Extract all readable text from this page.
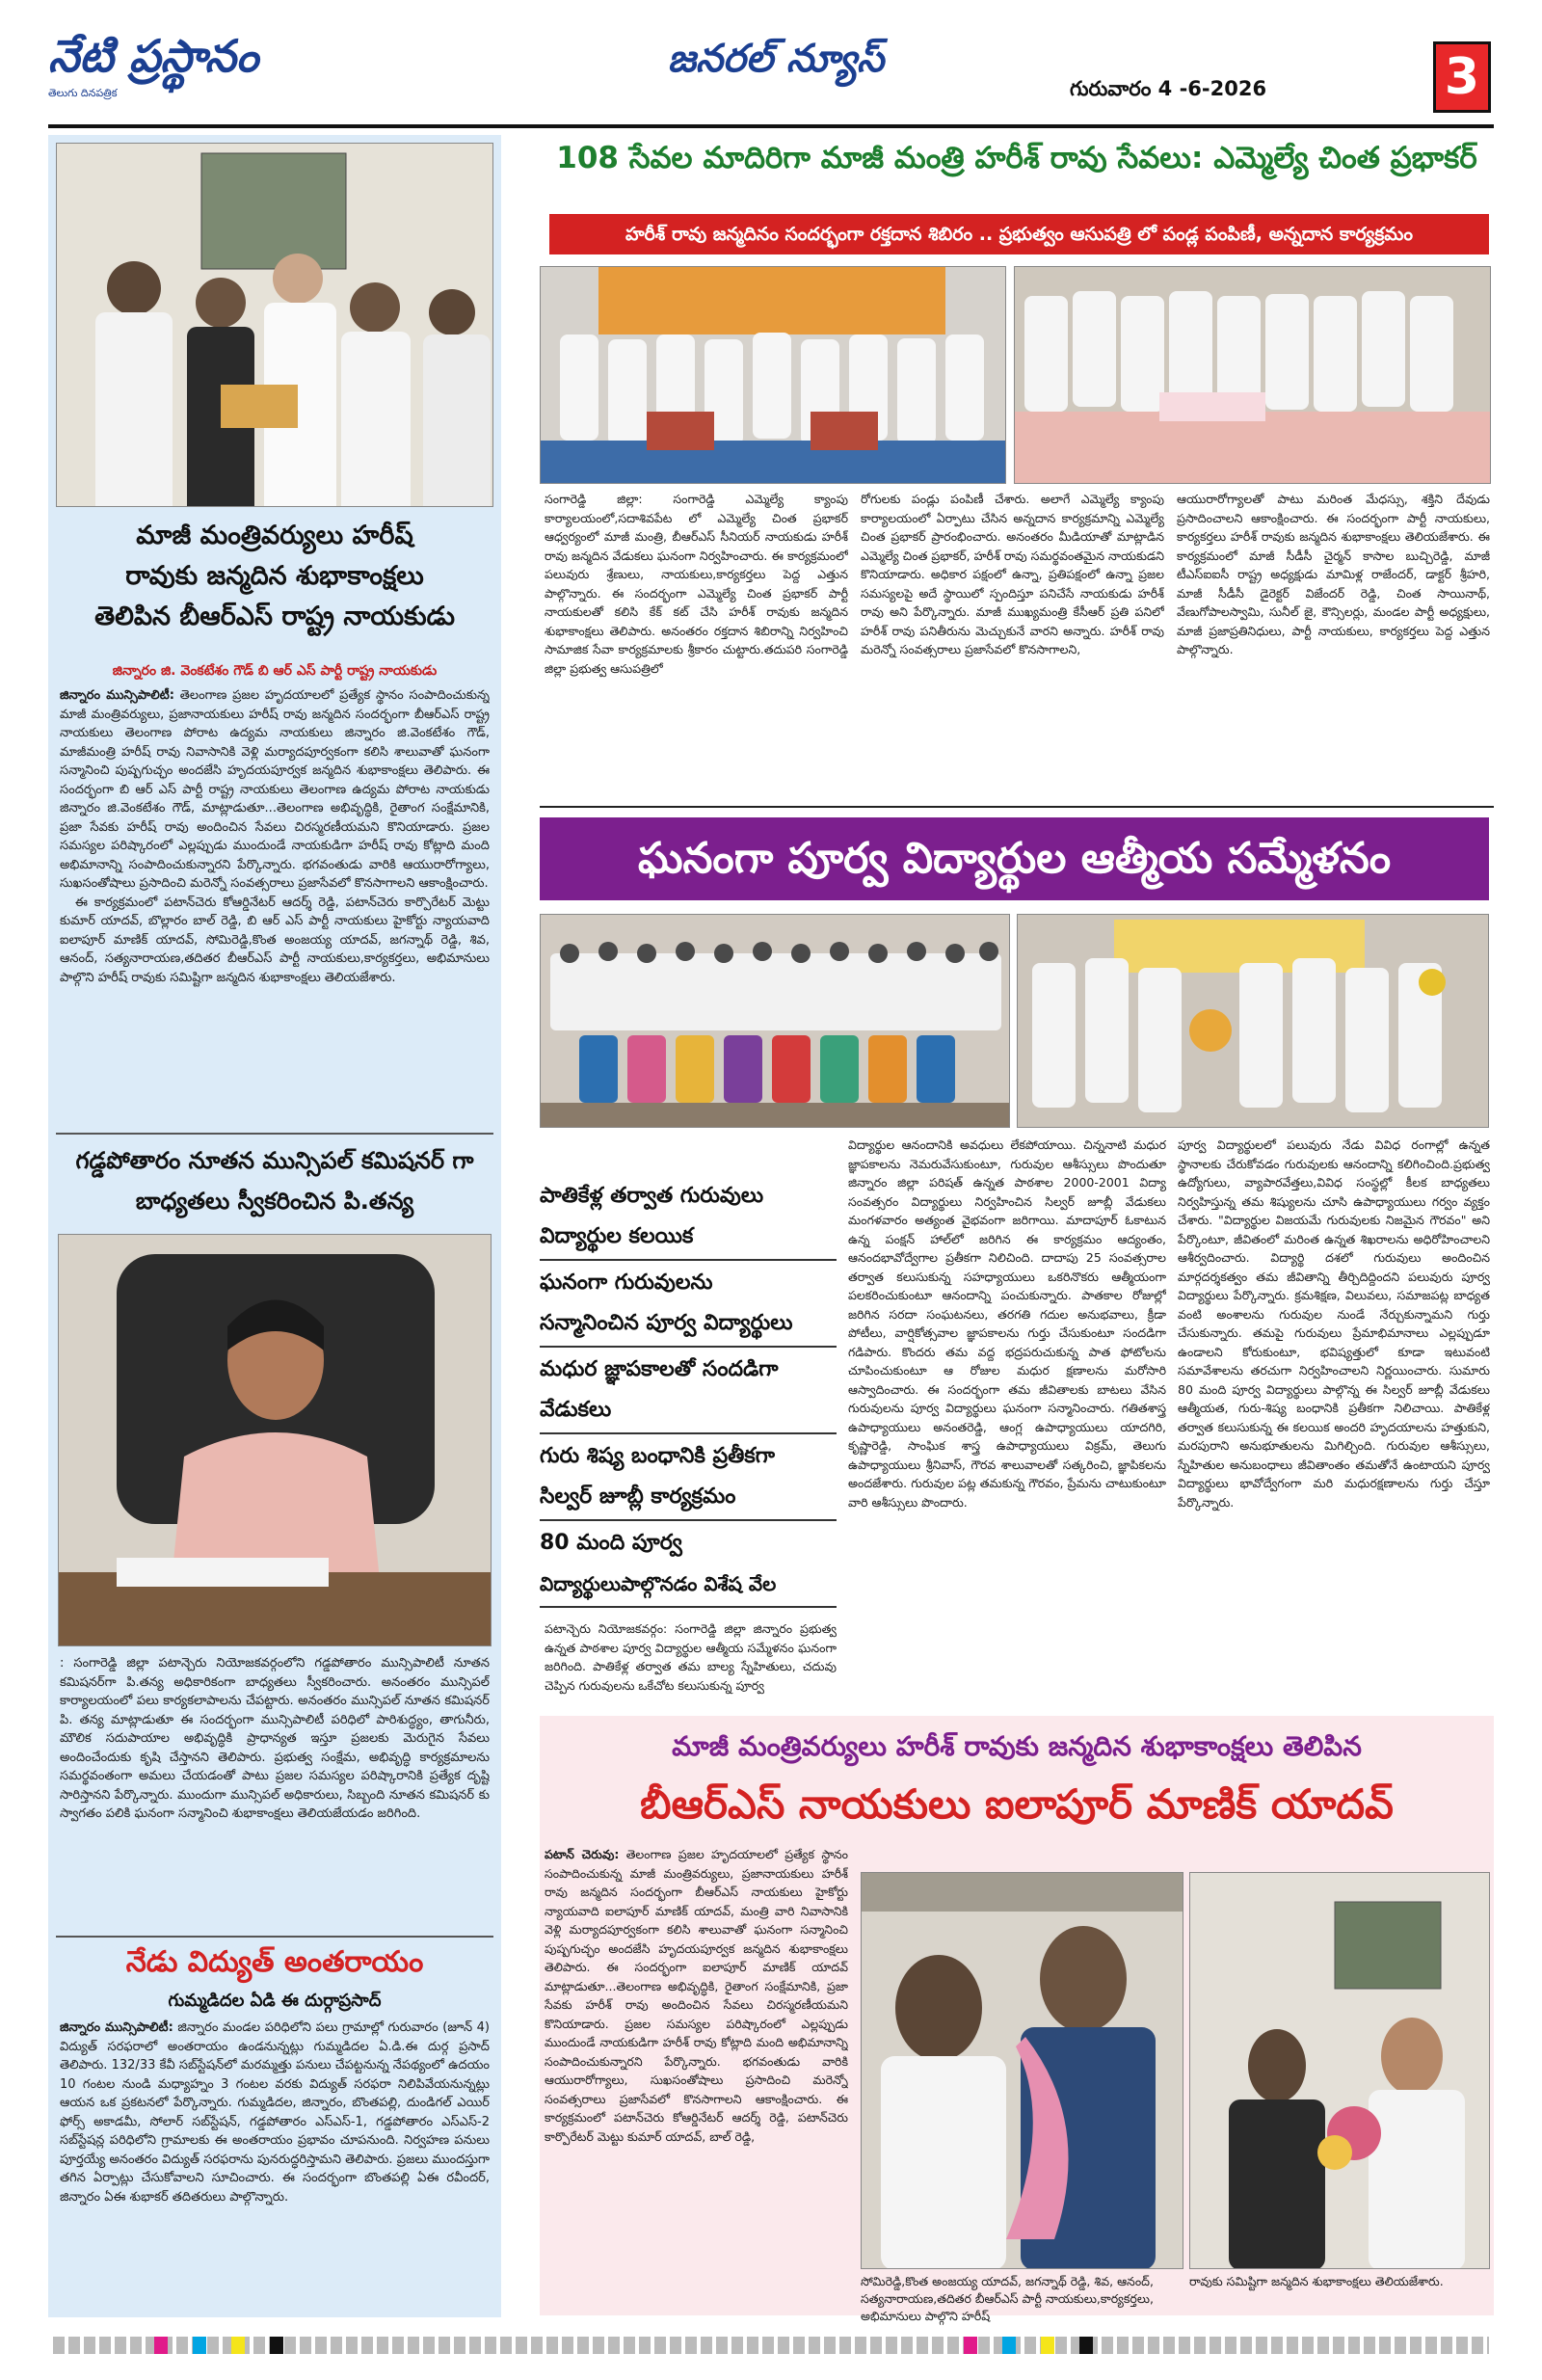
నేటి ప్రస్థానం
తెలుగు దినపత్రిక
జనరల్ న్యూస్
గురువారం 4 -6-2026	3
మాజీ మంత్రివర్యులు హరీష్
రావుకు జన్మదిన శుభాకాంక్షలు
తెలిపిన బీఆర్ఎస్ రాష్ట్ర నాయకుడు
జిన్నారం జి. వెంకటేశం గౌడ్ బి ఆర్ ఎస్ పార్టీ రాష్ట్ర నాయకుడు
జిన్నారం మున్సిపాలిటీ: తెలంగాణ ప్రజల హృదయాలలో ప్రత్యేక స్థానం సంపాదించుకున్న మాజీ మంత్రివర్యులు, ప్రజానాయకులు హరీష్ రావు జన్మదిన సందర్భంగా బీఆర్ఎస్ రాష్ట్ర నాయకులు తెలంగాణ పోరాట ఉద్యమ నాయకులు జిన్నారం జి.వెంకటేశం గౌడ్, మాజీమంత్రి హరీష్ రావు నివాసానికి వెళ్లి మర్యాదపూర్వకంగా కలిసి శాలువాతో ఘనంగా సన్మానించి పుష్పగుచ్ఛం అందజేసి హృదయపూర్వక జన్మదిన శుభాకాంక్షలు తెలిపారు. ఈ సందర్భంగా బి ఆర్ ఎస్ పార్టీ రాష్ట్ర నాయకులు తెలంగాణ ఉద్యమ పోరాట నాయకుడు జిన్నారం జి.వెంకటేశం గౌడ్, మాట్లాడుతూ...తెలంగాణ అభివృద్ధికి, రైతాంగ సంక్షేమానికి, ప్రజా సేవకు హరీష్ రావు అందించిన సేవలు చిరస్మరణీయమని కొనియాడారు. ప్రజల సమస్యల పరిష్కారంలో ఎల్లప్పుడు ముందుండే నాయకుడిగా హరీష్ రావు కోట్లాది మంది అభిమానాన్ని సంపాదించుకున్నారని పేర్కొన్నారు. భగవంతుడు వారికి ఆయురారోగ్యాలు, సుఖసంతోషాలు ప్రసాదించి మరెన్నో సంవత్సరాలు ప్రజాసేవలో కొనసాగాలని ఆకాంక్షించారు.
ఈ కార్యక్రమంలో పటాన్‌చెరు కోఆర్డినేటర్ ఆదర్శ్ రెడ్డి, పటాన్‌చెరు కార్పొరేటర్ మెట్టు కుమార్ యాదవ్, బొల్లారం బాల్ రెడ్డి, బి ఆర్ ఎస్ పార్టీ నాయకులు హైకోర్టు న్యాయవాది ఐలాపూర్ మాణిక్ యాదవ్, సోమిరెడ్డి,కొంత అంజయ్య యాదవ్, జగన్నాథ్ రెడ్డి, శివ, ఆనంద్, సత్యనారాయణ,తదితర బీఆర్ఎస్ పార్టీ నాయకులు,కార్యకర్తలు, అభిమానులు పాల్గొని హరీష్ రావుకు సమిష్టిగా జన్మదిన శుభాకాంక్షలు తెలియజేశారు.
గడ్డపోతారం నూతన మున్సిపల్ కమిషనర్ గా
బాధ్యతలు స్వీకరించిన పి.తన్య
: సంగారెడ్డి జిల్లా పటాన్చెరు నియోజకవర్గంలోని గడ్డపోతారం మున్సిపాలిటీ నూతన కమిషనర్‌గా పి.తన్య అధికారికంగా బాధ్యతలు స్వీకరించారు. అనంతరం మున్సిపల్ కార్యాలయంలో పలు కార్యకలాపాలను చేపట్టారు. అనంతరం మున్సిపల్ నూతన కమిషనర్ పి. తన్య మాట్లాడుతూ ఈ సందర్భంగా మున్సిపాలిటీ పరిధిలో పారిశుద్ధ్యం, తాగునీరు, మౌలిక సదుపాయాల అభివృద్ధికి ప్రాధాన్యత ఇస్తూ ప్రజలకు మెరుగైన సేవలు అందించేందుకు కృషి చేస్తానని తెలిపారు. ప్రభుత్వ సంక్షేమ, అభివృద్ధి కార్యక్రమాలను సమర్థవంతంగా అమలు చేయడంతో పాటు ప్రజల సమస్యల పరిష్కారానికి ప్రత్యేక దృష్టి సారిస్తానని పేర్కొన్నారు. ముందుగా మున్సిపల్ అధికారులు, సిబ్బంది నూతన కమిషనర్ కు స్వాగతం పలికి ఘనంగా సన్మానించి శుభాకాంక్షలు తెలియజేయడం జరిగింది.
నేడు విద్యుత్ అంతరాయం
గుమ్మడిదల ఏడి ఈ దుర్గాప్రసాద్
జిన్నారం మున్సిపాలిటీ: జిన్నారం మండల పరిధిలోని పలు గ్రామాల్లో గురువారం (జూన్ 4) విద్యుత్ సరఫరాలో అంతరాయం ఉండనున్నట్లు గుమ్మడిదల ఏ.డి.ఈ దుర్గ ప్రసాద్ తెలిపారు. 132/33 కేవీ సబ్‌స్టేషన్‌లో మరమ్మత్తు పనులు చేపట్టనున్న నేపథ్యంలో ఉదయం 10 గంటల నుండి మధ్యాహ్నం 3 గంటల వరకు విద్యుత్ సరఫరా నిలిపివేయనున్నట్లు ఆయన ఒక ప్రకటనలో పేర్కొన్నారు. గుమ్మడిదల, జిన్నారం, బొంతపల్లి, దుండిగల్ ఎయిర్ ఫోర్స్ అకాడమీ, సోలార్ సబ్‌స్టేషన్, గడ్డపోతారం ఎస్ఎస్-1, గడ్డపోతారం ఎస్ఎస్-2 సబ్‌స్టేషన్ల పరిధిలోని గ్రామాలకు ఈ అంతరాయం ప్రభావం చూపనుంది. నిర్వహణ పనులు పూర్తయ్యే అనంతరం విద్యుత్ సరఫరాను పునరుద్ధరిస్తామని తెలిపారు. ప్రజలు ముందస్తుగా తగిన ఏర్పాట్లు చేసుకోవాలని సూచించారు. ఈ సందర్భంగా బొంతపల్లి ఏఈ రవీందర్, జిన్నారం ఏఈ శుభాకర్ తదితరులు పాల్గొన్నారు.
108 సేవల మాదిరిగా మాజీ మంత్రి హరీశ్ రావు సేవలు: ఎమ్మెల్యే చింత ప్రభాకర్
హరీశ్ రావు జన్మదినం సందర్భంగా రక్తదాన శిబిరం .. ప్రభుత్వం ఆసుపత్రి లో పండ్ల పంపిణీ, అన్నదాన కార్యక్రమం
సంగారెడ్డి జిల్లా: సంగారెడ్డి ఎమ్మెల్యే క్యాంపు కార్యాలయంలో,సదాశివపేట లో ఎమ్మెల్యే చింత ప్రభాకర్ ఆధ్వర్యంలో మాజీ మంత్రి, బీఆర్ఎస్ సీనియర్ నాయకుడు హరీశ్ రావు జన్మదిన వేడుకలు ఘనంగా నిర్వహించారు. ఈ కార్యక్రమంలో పలువురు శ్రేణులు, నాయకులు,కార్యకర్తలు పెద్ద ఎత్తున పాల్గొన్నారు. ఈ సందర్భంగా ఎమ్మెల్యే చింత ప్రభాకర్ పార్టీ నాయకులతో కలిసి కేక్ కట్ చేసి హరీశ్ రావుకు జన్మదిన శుభాకాంక్షలు తెలిపారు. అనంతరం రక్తదాన శిబిరాన్ని నిర్వహించి సామాజిక సేవా కార్యక్రమాలకు శ్రీకారం చుట్టారు.తదుపరి సంగారెడ్డి జిల్లా ప్రభుత్వ ఆసుపత్రిలో
రోగులకు పండ్లు పంపిణీ చేశారు. అలాగే ఎమ్మెల్యే క్యాంపు కార్యాలయంలో ఏర్పాటు చేసిన అన్నదాన కార్యక్రమాన్ని ఎమ్మెల్యే చింత ప్రభాకర్ ప్రారంభించారు. అనంతరం మీడియాతో మాట్లాడిన ఎమ్మెల్యే చింత ప్రభాకర్, హరీశ్ రావు సమర్థవంతమైన నాయకుడని కొనియాడారు. అధికార పక్షంలో ఉన్నా, ప్రతిపక్షంలో ఉన్నా ప్రజల సమస్యలపై అదే స్థాయిలో స్పందిస్తూ పనిచేసే నాయకుడు హరీశ్ రావు అని పేర్కొన్నారు. మాజీ ముఖ్యమంత్రి కేసీఆర్ ప్రతి పనిలో హరీశ్ రావు పనితీరును మెచ్చుకునే వారని అన్నారు. హరీశ్ రావు మరెన్నో సంవత్సరాలు ప్రజాసేవలో కొనసాగాలని,
ఆయురారోగ్యాలతో పాటు మరింత మేధస్సు, శక్తిని దేవుడు ప్రసాదించాలని ఆకాంక్షించారు. ఈ సందర్భంగా పార్టీ నాయకులు, కార్యకర్తలు హరీశ్ రావుకు జన్మదిన శుభాకాంక్షలు తెలియజేశారు. ఈ కార్యక్రమంలో మాజీ సీడీసీ చైర్మన్ కాసాల బుచ్చిరెడ్డి, మాజీ టీఎస్ఐఐసీ రాష్ట్ర అధ్యక్షుడు మామిళ్ల రాజేందర్, డాక్టర్ శ్రీహరి, మాజీ సీడీసీ డైరెక్టర్ విజేందర్ రెడ్డి, చింత సాయినాథ్, వేణుగోపాలస్వామి, సునీల్ జై, కౌన్సిలర్లు, మండల పార్టీ అధ్యక్షులు, మాజీ ప్రజాప్రతినిధులు, పార్టీ నాయకులు, కార్యకర్తలు పెద్ద ఎత్తున పాల్గొన్నారు.
ఘనంగా పూర్వ విద్యార్థుల ఆత్మీయ సమ్మేళనం
పాతికేళ్ల తర్వాత గురువులు
విద్యార్థుల కలయిక
ఘనంగా గురువులను
సన్మానించిన పూర్వ విద్యార్థులు
మధుర జ్ఞాపకాలతో సందడిగా
వేడుకలు
గురు శిష్య బంధానికి ప్రతీకగా
సిల్వర్ జూబ్లీ కార్యక్రమం
80 మంది పూర్వ
విద్యార్థులుపాల్గొనడం విశేష వేల
పటాన్చెరు నియోజకవర్గం: సంగారెడ్డి జిల్లా జిన్నారం ప్రభుత్వ ఉన్నత పాఠశాల పూర్వ విద్యార్థుల ఆత్మీయ సమ్మేళనం ఘనంగా జరిగింది. పాతికేళ్ల తర్వాత తమ బాల్య స్నేహితులు, చదువు చెప్పిన గురువులను ఒకేచోట కలుసుకున్న పూర్వ
విద్యార్థుల ఆనందానికి అవధులు లేకపోయాయి. చిన్ననాటి మధుర జ్ఞాపకాలను నెమరువేసుకుంటూ, గురువుల ఆశీస్సులు పొందుతూ జిన్నారం జిల్లా పరిషత్ ఉన్నత పాఠశాల 2000-2001 విద్యా సంవత్సరం విద్యార్థులు నిర్వహించిన సిల్వర్ జూబ్లీ వేడుకలు మంగళవారం అత్యంత వైభవంగా జరిగాయి. మాదాపూర్ ఓకాటున ఉన్న పంక్షన్ హాల్‌లో జరిగిన ఈ కార్యక్రమం ఆద్యంతం, ఆనందభావోద్వేగాల ప్రతీకగా నిలిచింది. దాదాపు 25 సంవత్సరాల తర్వాత కలుసుకున్న సహధ్యాయులు ఒకరినొకరు ఆత్మీయంగా పలకరించుకుంటూ ఆనందాన్ని పంచుకున్నారు. పాతకాల రోజుల్లో జరిగిన సరదా సంఘటనలు, తరగతి గదుల అనుభవాలు, క్రీడా పోటీలు, వార్షికోత్సవాల జ్ఞాపకాలను గుర్తు చేసుకుంటూ సందడిగా గడిపారు. కొందరు తమ వద్ద భద్రపరుచుకున్న పాత ఫోటోలను చూపించుకుంటూ ఆ రోజుల మధుర క్షణాలను మరోసారి ఆస్వాదించారు. ఈ సందర్భంగా తమ జీవితాలకు బాటలు వేసిన గురువులను పూర్వ విద్యార్థులు ఘనంగా సన్మానించారు. గతితశాస్త్ర ఉపాధ్యాయులు అనంతరెడ్డి, ఆంగ్ల ఉపాధ్యాయులు యాదగిరి, కృష్ణారెడ్డి, సాంఘిక శాస్త్ర ఉపాధ్యాయులు విక్రమ్, తెలుగు ఉపాధ్యాయులు శ్రీనివాస్, గౌరవ శాలువాలతో సత్కరించి, జ్ఞాపికలను అందజేశారు. గురువుల పట్ల తమకున్న గౌరవం, ప్రేమను చాటుకుంటూ వారి ఆశీస్సులు పొందారు.
పూర్వ విద్యార్థులలో పలువురు నేడు వివిధ రంగాల్లో ఉన్నత స్థానాలకు చేరుకోవడం గురువులకు ఆనందాన్ని కలిగించింది.ప్రభుత్వ ఉద్యోగులు, వ్యాపారవేత్తలు,వివిధ సంస్థల్లో కీలక బాధ్యతలు నిర్వహిస్తున్న తమ శిష్యులను చూసి ఉపాధ్యాయులు గర్వం వ్యక్తం చేశారు. "విద్యార్థుల విజయమే గురువులకు నిజమైన గౌరవం" అని పేర్కొంటూ, జీవితంలో మరింత ఉన్నత శిఖరాలను అధిరోహించాలని ఆశీర్వదించారు. విద్యార్థి దశలో గురువులు అందించిన మార్గదర్శకత్వం తమ జీవితాన్ని తీర్చిదిద్దిందని పలువురు పూర్వ విద్యార్థులు పేర్కొన్నారు. క్రమశిక్షణ, విలువలు, సమాజపట్ల బాధ్యత వంటి అంశాలను గురువుల నుండే నేర్చుకున్నామని గుర్తు చేసుకున్నారు. తమపై గురువులు ప్రేమాభిమానాలు ఎల్లప్పుడూ ఉండాలని కోరుకుంటూ, భవిష్యత్తులో కూడా ఇటువంటి సమావేశాలను తరచుగా నిర్వహించాలని నిర్ణయించారు. సుమారు 80 మంది పూర్వ విద్యార్థులు పాల్గొన్న ఈ సిల్వర్ జూబ్లీ వేడుకలు ఆత్మీయత, గురు-శిష్య బంధానికి ప్రతీకగా నిలిచాయి. పాతికేళ్ల తర్వాత కలుసుకున్న ఈ కలయిక అందరి హృదయాలను హత్తుకుని, మరపురాని అనుభూతులను మిగిల్చింది. గురువుల ఆశీస్సులు, స్నేహితుల అనుబంధాలు జీవితాంతం తమతోనే ఉంటాయని పూర్వ విద్యార్థులు భావోద్వేగంగా మరి మధురక్షణాలను గుర్తు చేస్తూ పేర్కొన్నారు.
మాజీ మంత్రివర్యులు హరీశ్ రావుకు జన్మదిన శుభాకాంక్షలు తెలిపిన
బీఆర్ఎస్ నాయకులు ఐలాపూర్ మాణిక్ యాదవ్
పటాన్ చెరువు: తెలంగాణ ప్రజల హృదయాలలో ప్రత్యేక స్థానం సంపాదించుకున్న మాజీ మంత్రివర్యులు, ప్రజానాయకులు హరీశ్ రావు జన్మదిన సందర్భంగా బీఆర్ఎస్ నాయకులు హైకోర్టు న్యాయవాది ఐలాపూర్ మాణిక్ యాదవ్, మంత్రి వారి నివాసానికి వెళ్లి మర్యాదపూర్వకంగా కలిసి శాలువాతో ఘనంగా సన్మానించి పుష్పగుచ్ఛం అందజేసి హృదయపూర్వక జన్మదిన శుభాకాంక్షలు తెలిపారు. ఈ సందర్భంగా ఐలాపూర్ మాణిక్ యాదవ్ మాట్లాడుతూ...తెలంగాణ అభివృద్ధికి, రైతాంగ సంక్షేమానికి, ప్రజా సేవకు హరీశ్ రావు అందించిన సేవలు చిరస్మరణీయమని కొనియాడారు. ప్రజల సమస్యల పరిష్కారంలో ఎల్లప్పుడు ముందుండే నాయకుడిగా హరీశ్ రావు కోట్లాది మంది అభిమానాన్ని సంపాదించుకున్నారని పేర్కొన్నారు. భగవంతుడు వారికి ఆయురారోగ్యాలు, సుఖసంతోషాలు ప్రసాదించి మరెన్నో సంవత్సరాలు ప్రజాసేవలో కొనసాగాలని ఆకాంక్షించారు. ఈ కార్యక్రమంలో పటాన్‌చెరు కోఆర్డినేటర్ ఆదర్శ్ రెడ్డి, పటాన్‌చెరు కార్పొరేటర్ మెట్టు కుమార్ యాదవ్, బాల్ రెడ్డి,
సోమిరెడ్డి,కొంత అంజయ్య యాదవ్, జగన్నాథ్ రెడ్డి, శివ, ఆనంద్, సత్యనారాయణ,తదితర బీఆర్ఎస్ పార్టీ నాయకులు,కార్యకర్తలు, అభిమానులు పాల్గొని హరీష్
రావుకు సమిష్టిగా జన్మదిన శుభాకాంక్షలు తెలియజేశారు.
